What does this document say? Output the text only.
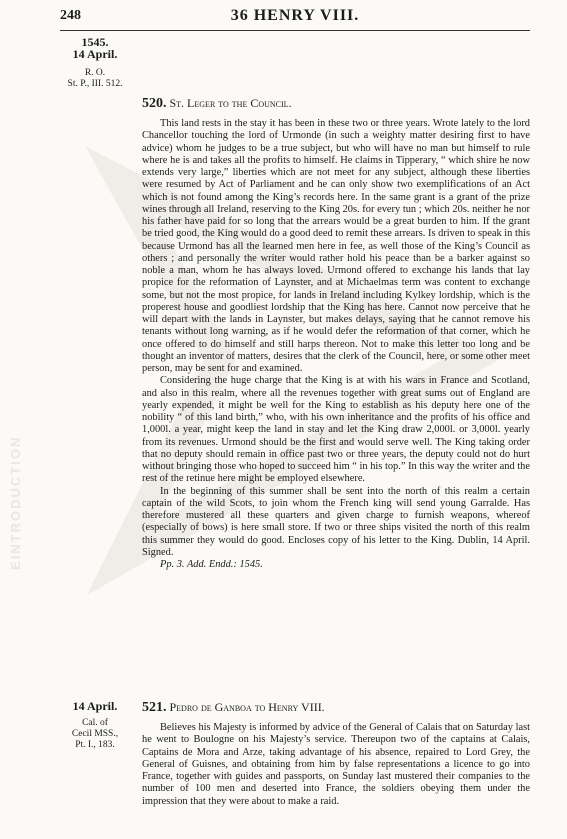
248	36 HENRY VIII.
1545.
14 April.
R. O.
St. P., III. 512.
520. St. Leger to the Council.

This land rests in the stay it has been in these two or three years. Wrote lately to the lord Chancellor touching the lord of Urmonde (in such a weighty matter desiring first to have advice) whom he judges to be a true subject, but who will have no man but himself to rule where he is and takes all the profits to himself. He claims in Tipperary, “ which shire he now extends very large,” liberties which are not meet for any subject, although these liberties were resumed by Act of Parliament and he can only show two exemplifications of an Act which is not found among the King’s records here. In the same grant is a grant of the prize wines through all Ireland, reserving to the King 20s. for every tun ; which 20s. neither he nor his father have paid for so long that the arrears would be a great burden to him. If the grant be tried good, the King would do a good deed to remit these arrears. Is driven to speak in this because Urmond has all the learned men here in fee, as well those of the King’s Council as others ; and personally the writer would rather hold his peace than be a barker against so noble a man, whom he has always loved. Urmond offered to exchange his lands that lay propice for the reformation of Laynster, and at Michaelmas term was content to exchange some, but not the most propice, for lands in Ireland including Kylkey lordship, which is the properest house and goodliest lordship that the King has here. Cannot now perceive that he will depart with the lands in Laynster, but makes delays, saying that he cannot remove his tenants without long warning, as if he would defer the reformation of that corner, which he once offered to do himself and still harps thereon. Not to make this letter too long and be thought an inventor of matters, desires that the clerk of the Council, here, or some other meet person, may be sent for and examined.

Considering the huge charge that the King is at with his wars in France and Scotland, and also in this realm, where all the revenues together with great sums out of England are yearly expended, it might be well for the King to establish as his deputy here one of the nobility “ of this land birth,” who, with his own inheritance and the profits of his office and 1,000l. a year, might keep the land in stay and let the King draw 2,000l. or 3,000l. yearly from its revenues. Urmond should be the first and would serve well. The King taking order that no deputy should remain in office past two or three years, the deputy could not do hurt without bringing those who hoped to succeed him “ in his top.” In this way the writer and the rest of the retinue here might be employed elsewhere.

In the beginning of this summer shall be sent into the north of this realm a certain captain of the wild Scots, to join whom the French king will send young Garralde. Has therefore mustered all these quarters and given charge to furnish weapons, whereof (especially of bows) is here small store. If two or three ships visited the north of this realm this summer they would do good. Encloses copy of his letter to the King. Dublin, 14 April. Signed.

Pp. 3. Add. Endd.: 1545.

14 April.
Cal. of
Cecil MSS.,
Pt. I., 183.
521. Pedro de Ganboa to Henry VIII.

Believes his Majesty is informed by advice of the General of Calais that on Saturday last he went to Boulogne on his Majesty’s service. Thereupon two of the captains at Calais, Captains de Mora and Arze, taking advantage of his absence, repaired to Lord Grey, the General of Guisnes, and obtaining from him by false representations a licence to go into France, together with guides and passports, on Sunday last mustered their companies to the number of 100 men and deserted into France, the soldiers obeying them under the impression that they were about to make a raid.

EINTRODUCTION
